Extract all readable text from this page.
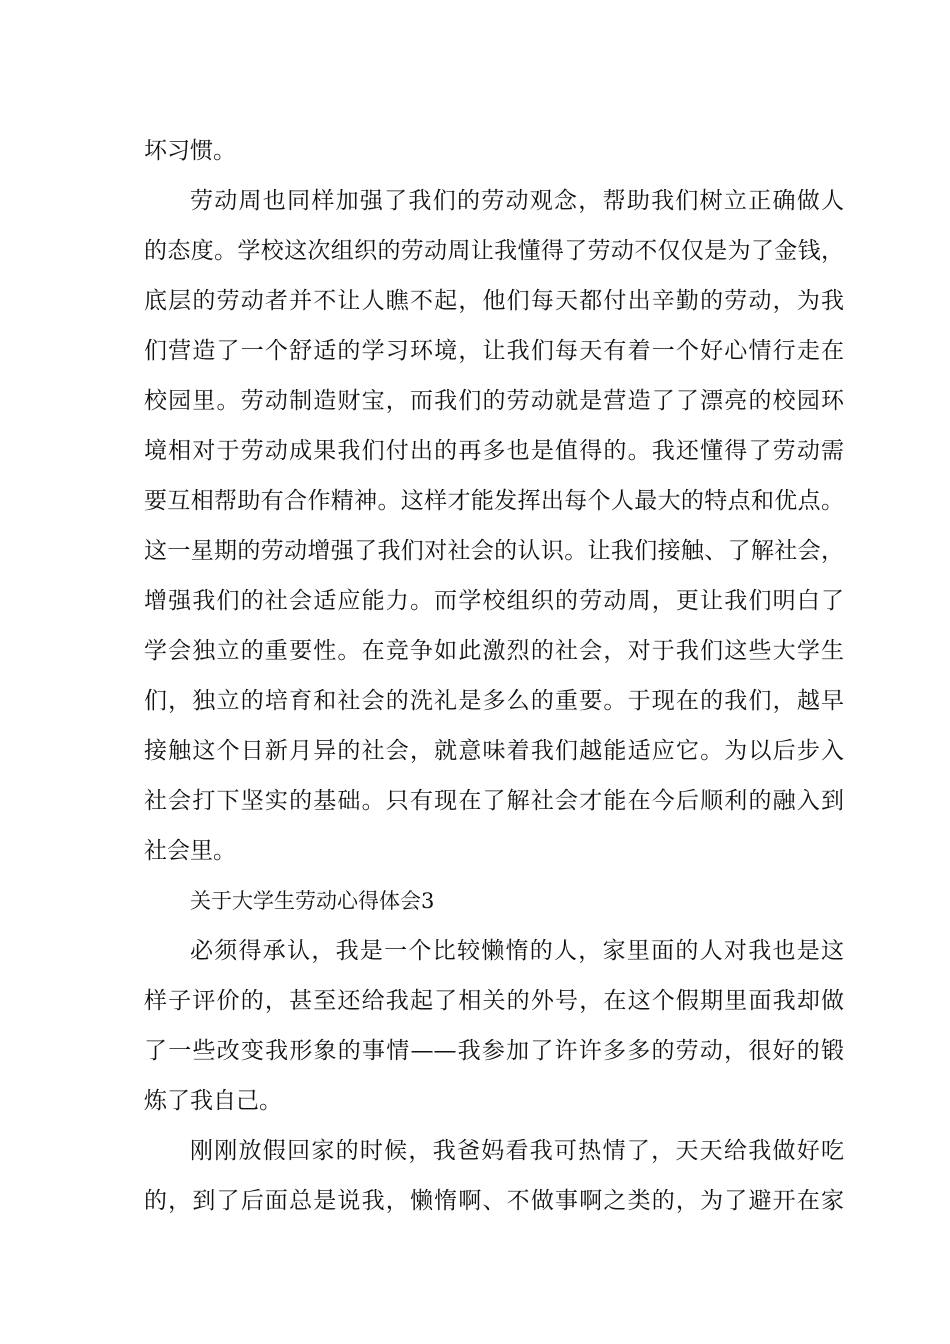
坏习惯。
劳动周也同样加强了我们的劳动观念，帮助我们树立正确做人
的态度。学校这次组织的劳动周让我懂得了劳动不仅仅是为了金钱，
底层的劳动者并不让人瞧不起，他们每天都付出辛勤的劳动，为我
们营造了一个舒适的学习环境，让我们每天有着一个好心情行走在
校园里。劳动制造财宝，而我们的劳动就是营造了了漂亮的校园环
境相对于劳动成果我们付出的再多也是值得的。我还懂得了劳动需
要互相帮助有合作精神。这样才能发挥出每个人最大的特点和优点。
这一星期的劳动增强了我们对社会的认识。让我们接触、了解社会，
增强我们的社会适应能力。而学校组织的劳动周，更让我们明白了
学会独立的重要性。在竞争如此激烈的社会，对于我们这些大学生
们，独立的培育和社会的洗礼是多么的重要。于现在的我们，越早
接触这个日新月异的社会，就意味着我们越能适应它。为以后步入
社会打下坚实的基础。只有现在了解社会才能在今后顺利的融入到
社会里。
关于大学生劳动心得体会3
必须得承认，我是一个比较懒惰的人，家里面的人对我也是这
样子评价的，甚至还给我起了相关的外号，在这个假期里面我却做
了一些改变我形象的事情——我参加了许许多多的劳动，很好的锻
炼了我自己。
刚刚放假回家的时候，我爸妈看我可热情了，天天给我做好吃
的，到了后面总是说我，懒惰啊、不做事啊之类的，为了避开在家
